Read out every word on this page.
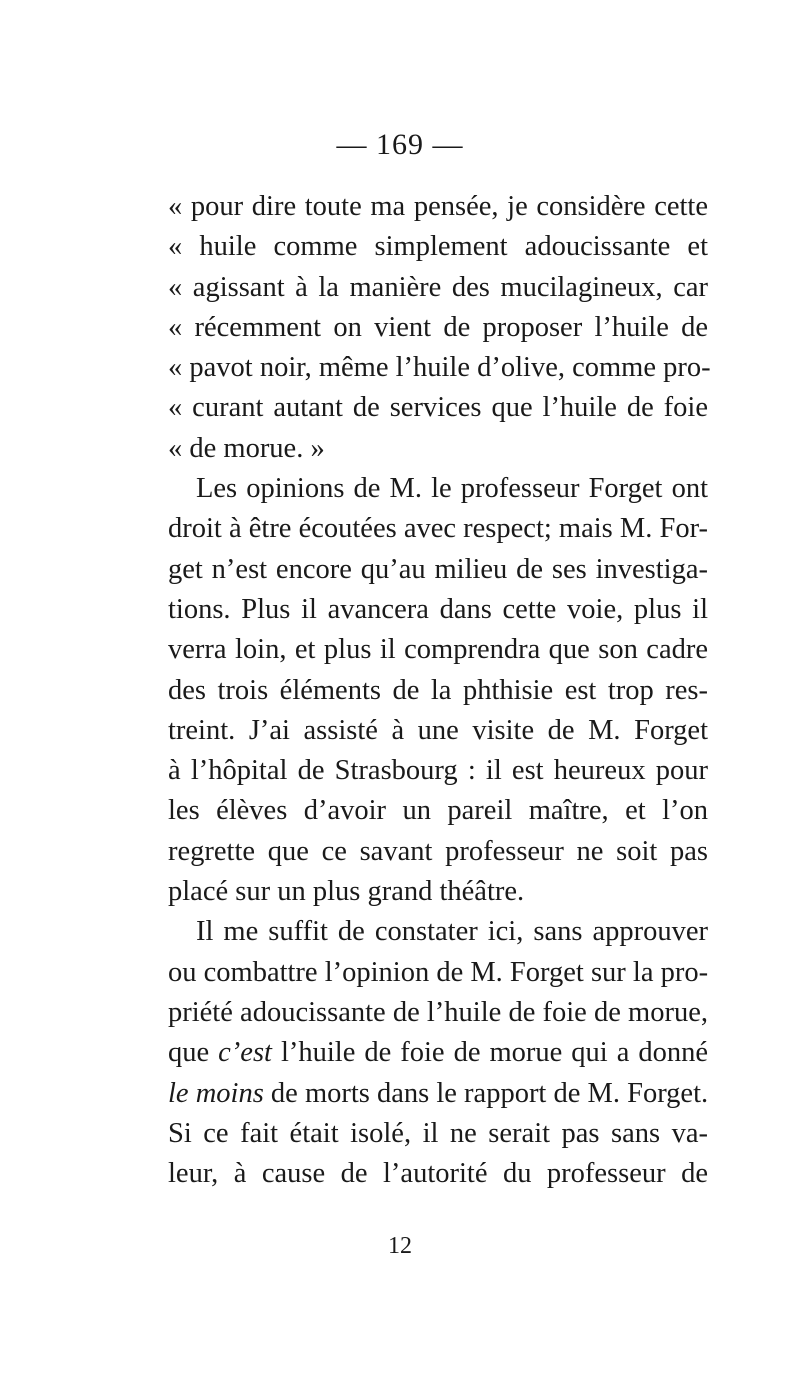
— 169 —
« pour dire toute ma pensée, je considère cette
« huile comme simplement adoucissante et
« agissant à la manière des mucilagineux, car
« récemment on vient de proposer l’huile de
« pavot noir, même l’huile d’olive, comme pro-
« curant autant de services que l’huile de foie
« de morue. »
Les opinions de M. le professeur Forget ont
droit à être écoutées avec respect; mais M. For-
get n’est encore qu’au milieu de ses investiga-
tions. Plus il avancera dans cette voie, plus il
verra loin, et plus il comprendra que son cadre
des trois éléments de la phthisie est trop res-
treint. J’ai assisté à une visite de M. Forget
à l’hôpital de Strasbourg : il est heureux pour
les élèves d’avoir un pareil maître, et l’on
regrette que ce savant professeur ne soit pas
placé sur un plus grand théâtre.
Il me suffit de constater ici, sans approuver
ou combattre l’opinion de M. Forget sur la pro-
priété adoucissante de l’huile de foie de morue,
que c’est l’huile de foie de morue qui a donné
le moins de morts dans le rapport de M. Forget.
Si ce fait était isolé, il ne serait pas sans va-
leur, à cause de l’autorité du professeur de
12
